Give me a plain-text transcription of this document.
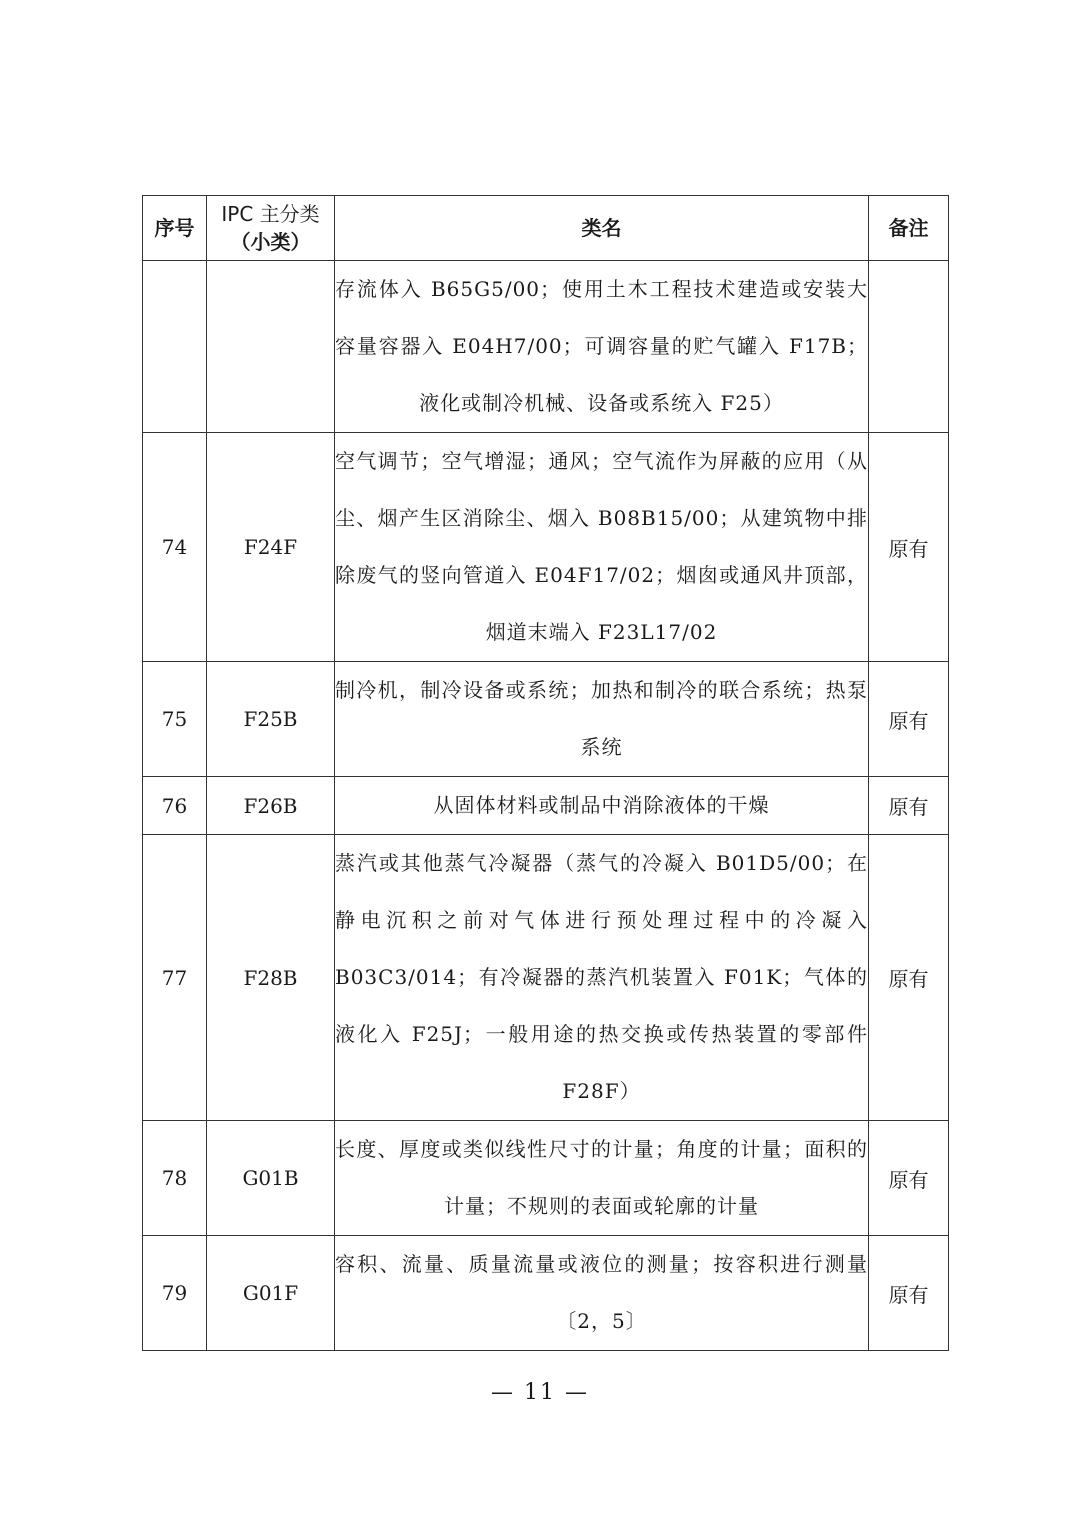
序号	IPC 主分类
（小类）	类名	备注
		存流体入 B65G5/00；使用土木工程技术建造或安装大容量容器入 E04H7/00；可调容量的贮气罐入 F17B；液化或制冷机械、设备或系统入 F25）	
74	F24F	空气调节；空气增湿；通风；空气流作为屏蔽的应用（从尘、烟产生区消除尘、烟入 B08B15/00；从建筑物中排除废气的竖向管道入 E04F17/02；烟囱或通风井顶部，烟道末端入 F23L17/02	原有
75	F25B	制冷机，制冷设备或系统；加热和制冷的联合系统；热泵系统	原有
76	F26B	从固体材料或制品中消除液体的干燥	原有
77	F28B	蒸汽或其他蒸气冷凝器（蒸气的冷凝入 B01D5/00；在静电沉积之前对气体进行预处理过程中的冷凝入 B03C3/014；有冷凝器的蒸汽机装置入 F01K；气体的液化入 F25J；一般用途的热交换或传热装置的零部件 F28F）	原有
78	G01B	长度、厚度或类似线性尺寸的计量；角度的计量；面积的计量；不规则的表面或轮廓的计量	原有
79	G01F	容积、流量、质量流量或液位的测量；按容积进行测量〔2，5〕	原有
— 11 —
